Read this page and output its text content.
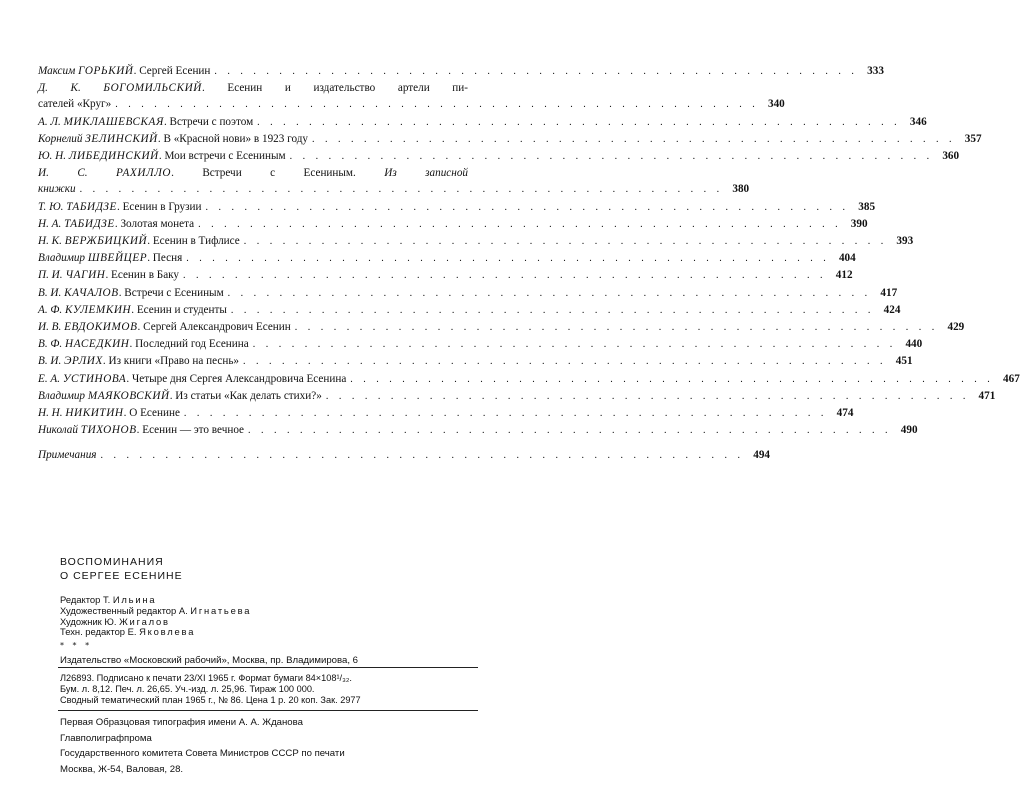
Максим ГОРЬКИЙ. Сергей Есенин . . . . . . . . . . . . . . . . . . . . . . . . . . . . . . . . . . . . . . . . . . . . . . . . . . 333
Д. К. БОГОМИЛЬСКИЙ. Есенин и издательство артели пи-
сателей «Круг» . . . . . . . . . . . . . . . . . . . . . . . . . . . . . . . . . . . . . . . . . . . . . . . . . . 340
А. Л. МИКЛАШЕВСКАЯ. Встречи с поэтом . . . . . . . . . . . . . . . . . . . . . . . . . . . . . . . . . . . . . . . . . . . . . . . . . . 346
Корнелий ЗЕЛИНСКИЙ. В «Красной нови» в 1923 году . . . . . . . . . . . . . . . . . . . . . . . . . . . . . . . . . . . . . . . . . . . . . . . . . . 357
Ю. Н. ЛИБЕДИНСКИЙ. Мои встречи с Есениным . . . . . . . . . . . . . . . . . . . . . . . . . . . . . . . . . . . . . . . . . . . . . . . . . . 360
И. С.	РАХИЛЛО. Встречи с Есениным.	Из записной
книжки . . . . . . . . . . . . . . . . . . . . . . . . . . . . . . . . . . . . . . . . . . . . . . . . . . 380
Т. Ю. ТАБИДЗЕ. Есенин в Грузии . . . . . . . . . . . . . . . . . . . . . . . . . . . . . . . . . . . . . . . . . . . . . . . . . . 385
Н. А. ТАБИДЗЕ. Золотая монета . . . . . . . . . . . . . . . . . . . . . . . . . . . . . . . . . . . . . . . . . . . . . . . . . . 390
Н. К. ВЕРЖБИЦКИЙ. Есенин в Тифлисе . . . . . . . . . . . . . . . . . . . . . . . . . . . . . . . . . . . . . . . . . . . . . . . . . . 393
Владимир ШВЕЙЦЕР. Песня . . . . . . . . . . . . . . . . . . . . . . . . . . . . . . . . . . . . . . . . . . . . . . . . . . 404
П. И. ЧАГИН. Есенин в Баку . . . . . . . . . . . . . . . . . . . . . . . . . . . . . . . . . . . . . . . . . . . . . . . . . . 412
В. И. КАЧАЛОВ. Встречи с Есениным . . . . . . . . . . . . . . . . . . . . . . . . . . . . . . . . . . . . . . . . . . . . . . . . . . 417
А. Ф. КУЛЕМКИН. Есенин и студенты . . . . . . . . . . . . . . . . . . . . . . . . . . . . . . . . . . . . . . . . . . . . . . . . . . 424
И. В. ЕВДОКИМОВ. Сергей Александрович Есенин . . . . . . . . . . . . . . . . . . . . . . . . . . . . . . . . . . . . . . . . . . . . . . . . . . 429
В. Ф. НАСЕДКИН. Последний год Есенина . . . . . . . . . . . . . . . . . . . . . . . . . . . . . . . . . . . . . . . . . . . . . . . . . . 440
В. И. ЭРЛИХ. Из книги «Право на песнь» . . . . . . . . . . . . . . . . . . . . . . . . . . . . . . . . . . . . . . . . . . . . . . . . . . 451
Е. А. УСТИНОВА. Четыре дня Сергея Александровича Есенина . . . . . . . . . . . . . . . . . . . . . . . . . . . . . . . . . . . . . . . . . . . . . . . . . . 467
Владимир МАЯКОВСКИЙ. Из статьи «Как делать стихи?» . . . . . . . . . . . . . . . . . . . . . . . . . . . . . . . . . . . . . . . . . . . . . . . . . . 471
Н. Н. НИКИТИН. О Есенине . . . . . . . . . . . . . . . . . . . . . . . . . . . . . . . . . . . . . . . . . . . . . . . . . . 474
Николай ТИХОНОВ. Есенин — это вечное . . . . . . . . . . . . . . . . . . . . . . . . . . . . . . . . . . . . . . . . . . . . . . . . . . 490
Примечания . . . . . . . . . . . . . . . . . . . . . . . . . . . . . . . . . . . . . . . . . . . . . . . . . . 494
ВОСПОМИНАНИЯ
О СЕРГЕЕ ЕСЕНИНЕ
Редактор Т. Ильина
Художественный редактор А. Игнатьева
Художник Ю. Жигалов
Техн. редактор Е. Яковлева
* * *
Издательство «Московский рабочий», Москва, пр. Владимирова, 6
Л26893. Подписано к печати 23/XI 1965 г. Формат бумаги 84×108¹/₃₂.
Бум. л. 8,12. Печ. л. 26,65. Уч.-изд. л. 25,96. Тираж 100 000.
Сводный тематический план 1965 г., № 86. Цена 1 р. 20 коп. Зак. 2977
Первая Образцовая типография имени А. А. Жданова
Главполиграфпрома
Государственного комитета Совета Министров СССР по печати
Москва, Ж-54, Валовая, 28.
